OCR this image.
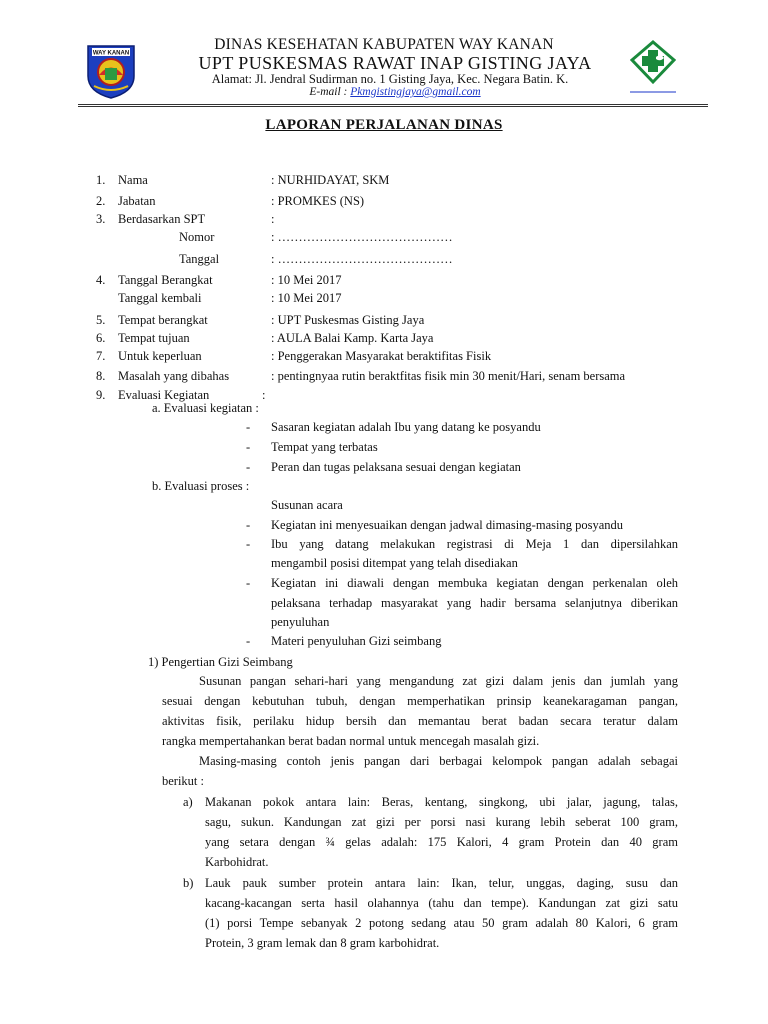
WAY KANAN
DINAS KESEHATAN KABUPATEN WAY KANAN
UPT PUSKESMAS RAWAT INAP GISTING JAYA
Alamat: Jl. Jendral Sudirman no. 1 Gisting Jaya, Kec. Negara Batin. K.
E-mail : Pkmgistingjaya@gmail.com
LAPORAN PERJALANAN DINAS
1. Nama	: NURHIDAYAT, SKM
2. Jabatan	: PROMKES (NS)
3. Berdasarkan SPT	:
Nomor	: ……………………………………
Tanggal	: ……………………………………
4. Tanggal Berangkat	: 10 Mei 2017
Tanggal kembali	: 10 Mei 2017
5. Tempat berangkat	: UPT Puskesmas Gisting Jaya
6. Tempat tujuan	: AULA Balai Kamp. Karta Jaya
7. Untuk keperluan	: Penggerakan Masyarakat beraktifitas Fisik
8. Masalah yang dibahas	: pentingnyaa rutin beraktfitas fisik min 30 menit/Hari, senam bersama
9. Evaluasi Kegiatan	:
a. Evaluasi kegiatan :
- Sasaran kegiatan adalah Ibu yang datang ke posyandu
- Tempat yang terbatas
- Peran dan tugas pelaksana sesuai dengan kegiatan
b. Evaluasi proses :
Susunan acara
- Kegiatan ini menyesuaikan dengan jadwal dimasing-masing posyandu
- Ibu yang datang melakukan registrasi di Meja 1 dan dipersilahkan
mengambil posisi ditempat yang telah disediakan
- Kegiatan ini diawali dengan membuka kegiatan dengan perkenalan oleh
pelaksana terhadap masyarakat yang hadir bersama selanjutnya diberikan
penyuluhan
- Materi penyuluhan Gizi seimbang
1) Pengertian Gizi Seimbang
Susunan pangan sehari-hari yang mengandung zat gizi dalam jenis dan jumlah yang
sesuai dengan kebutuhan tubuh, dengan memperhatikan prinsip keanekaragaman pangan,
aktivitas fisik, perilaku hidup bersih dan memantau berat badan secara teratur dalam
rangka mempertahankan berat badan normal untuk mencegah masalah gizi.
Masing-masing contoh jenis pangan dari berbagai kelompok pangan adalah sebagai
berikut :
a) Makanan pokok antara lain: Beras, kentang, singkong, ubi jalar, jagung, talas,
sagu, sukun. Kandungan zat gizi per porsi nasi kurang lebih seberat 100 gram,
yang setara dengan ¾ gelas adalah: 175 Kalori, 4 gram Protein dan 40 gram
Karbohidrat.
b) Lauk pauk sumber protein antara lain: Ikan, telur, unggas, daging, susu dan
kacang-kacangan serta hasil olahannya (tahu dan tempe). Kandungan zat gizi satu
(1) porsi Tempe sebanyak 2 potong sedang atau 50 gram adalah 80 Kalori, 6 gram
Protein, 3 gram lemak dan 8 gram karbohidrat.
